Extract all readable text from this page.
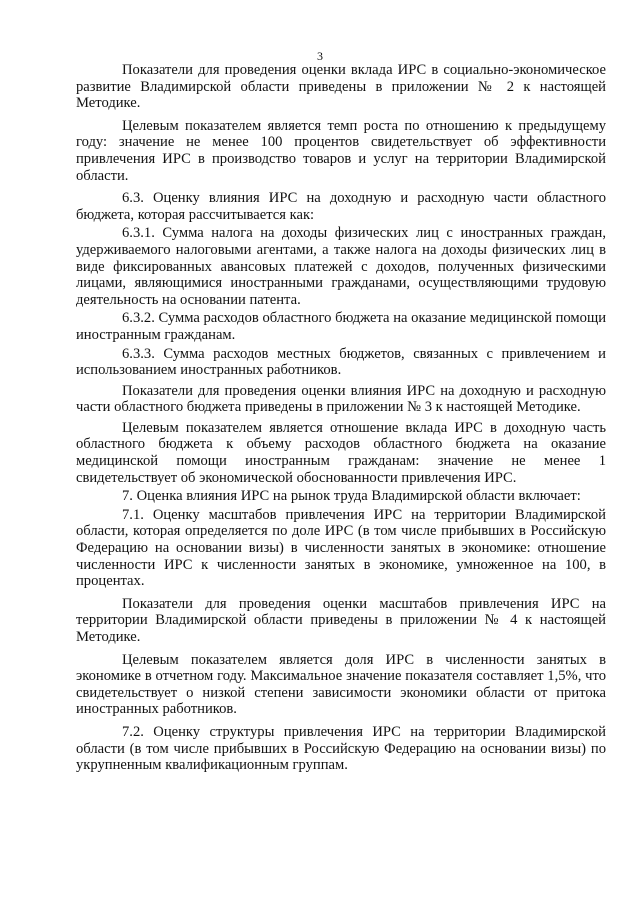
3

Показатели для проведения оценки вклада ИРС в социально-экономическое развитие Владимирской области приведены в приложении № 2 к настоящей Методике.

Целевым показателем является темп роста по отношению к предыдущему году: значение не менее 100 процентов свидетельствует об эффективности привлечения ИРС в производство товаров и услуг на территории Владимирской области.

6.3. Оценку влияния ИРС на доходную и расходную части областного бюджета, которая рассчитывается как:

6.3.1. Сумма налога на доходы физических лиц с иностранных граждан, удерживаемого налоговыми агентами, а также налога на доходы физических лиц в виде фиксированных авансовых платежей с доходов, полученных физическими лицами, являющимися иностранными гражданами, осуществляющими трудовую деятельность на основании патента.

6.3.2. Сумма расходов областного бюджета на оказание медицинской помощи иностранным гражданам.

6.3.3. Сумма расходов местных бюджетов, связанных с привлечением и использованием иностранных работников.

Показатели для проведения оценки влияния ИРС на доходную и расходную части областного бюджета приведены в приложении № 3 к настоящей Методике.

Целевым показателем является отношение вклада ИРС в доходную часть областного бюджета к объему расходов областного бюджета на оказание медицинской помощи иностранным гражданам: значение не менее 1 свидетельствует об экономической обоснованности привлечения ИРС.

7. Оценка влияния ИРС на рынок труда Владимирской области включает:

7.1. Оценку масштабов привлечения ИРС на территории Владимирской области, которая определяется по доле ИРС (в том числе прибывших в Российскую Федерацию на основании визы) в численности занятых в экономике: отношение численности ИРС к численности занятых в экономике, умноженное на 100, в процентах.

Показатели для проведения оценки масштабов привлечения ИРС на территории Владимирской области приведены в приложении № 4 к настоящей Методике.

Целевым показателем является доля ИРС в численности занятых в экономике в отчетном году. Максимальное значение показателя составляет 1,5%, что свидетельствует о низкой степени зависимости экономики области от притока иностранных работников.

7.2. Оценку структуры привлечения ИРС на территории Владимирской области (в том числе прибывших в Российскую Федерацию на основании визы) по укрупненным квалификационным группам.
